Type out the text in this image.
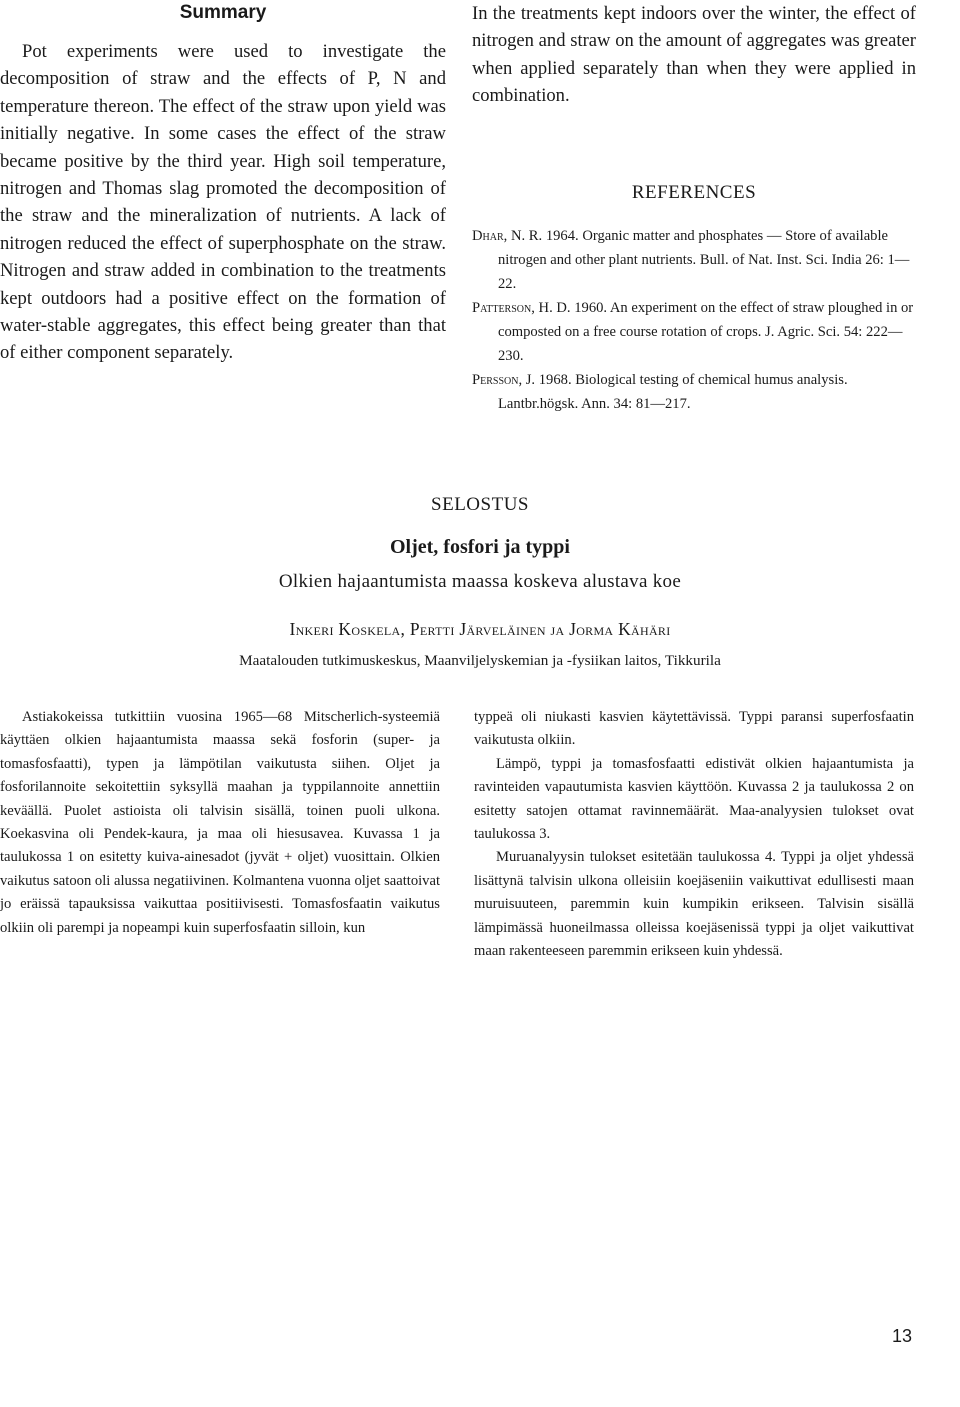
Summary

Pot experiments were used to investigate the decomposition of straw and the effects of P, N and temperature thereon. The effect of the straw upon yield was initially negative. In some cases the effect of the straw became positive by the third year. High soil temperature, nitrogen and Thomas slag promoted the decomposition of the straw and the mineralization of nutrients. A lack of nitrogen reduced the effect of superphosphate on the straw. Nitrogen and straw added in combination to the treatments kept outdoors had a positive effect on the formation of water-stable aggregates, this effect being greater than that of either component separately.

In the treatments kept indoors over the winter, the effect of nitrogen and straw on the amount of aggregates was greater when applied separately than when they were applied in combination.

REFERENCES

Dhar, N. R. 1964. Organic matter and phosphates — Store of available nitrogen and other plant nutrients. Bull. of Nat. Inst. Sci. India 26: 1—22.

Patterson, H. D. 1960. An experiment on the effect of straw ploughed in or composted on a free course rotation of crops. J. Agric. Sci. 54: 222—230.

Persson, J. 1968. Biological testing of chemical humus analysis. Lantbr.högsk. Ann. 34: 81—217.

SELOSTUS
Oljet, fosfori ja typpi
Olkien hajaantumista maassa koskeva alustava koe
Inkeri Koskela, Pertti Järveläinen ja Jorma Kähäri
Maatalouden tutkimuskeskus, Maanviljelyskemian ja -fysiikan laitos, Tikkurila

Astiakokeissa tutkittiin vuosina 1965—68 Mitscherlich-systeemiä käyttäen olkien hajaantumista maassa sekä fosforin (super- ja tomasfosfaatti), typen ja lämpötilan vaikutusta siihen. Oljet ja fosforilannoite sekoitettiin syksyllä maahan ja typpilannoite annettiin keväällä. Puolet astioista oli talvisin sisällä, toinen puoli ulkona. Koekasvina oli Pendek-kaura, ja maa oli hiesusavea. Kuvassa 1 ja taulukossa 1 on esitetty kuiva-ainesadot (jyvät + oljet) vuosittain. Olkien vaikutus satoon oli alussa negatiivinen. Kolmantena vuonna oljet saattoivat jo eräissä tapauksissa vaikuttaa positiivisesti. Tomasfosfaatin vaikutus olkiin oli parempi ja nopeampi kuin superfosfaatin silloin, kun

typpeä oli niukasti kasvien käytettävissä. Typpi paransi superfosfaatin vaikutusta olkiin.

Lämpö, typpi ja tomasfosfaatti edistivät olkien hajaantumista ja ravinteiden vapautumista kasvien käyttöön. Kuvassa 2 ja taulukossa 2 on esitetty satojen ottamat ravinnemäärät. Maa-analyysien tulokset ovat taulukossa 3.

Muruanalyysin tulokset esitetään taulukossa 4. Typpi ja oljet yhdessä lisättynä talvisin ulkona olleisiin koejäseniin vaikuttivat edullisesti maan muruisuuteen, paremmin kuin kumpikin erikseen. Talvisin sisällä lämpimässä huoneilmassa olleissa koejäsenissä typpi ja oljet vaikuttivat maan rakenteeseen paremmin erikseen kuin yhdessä.

13
